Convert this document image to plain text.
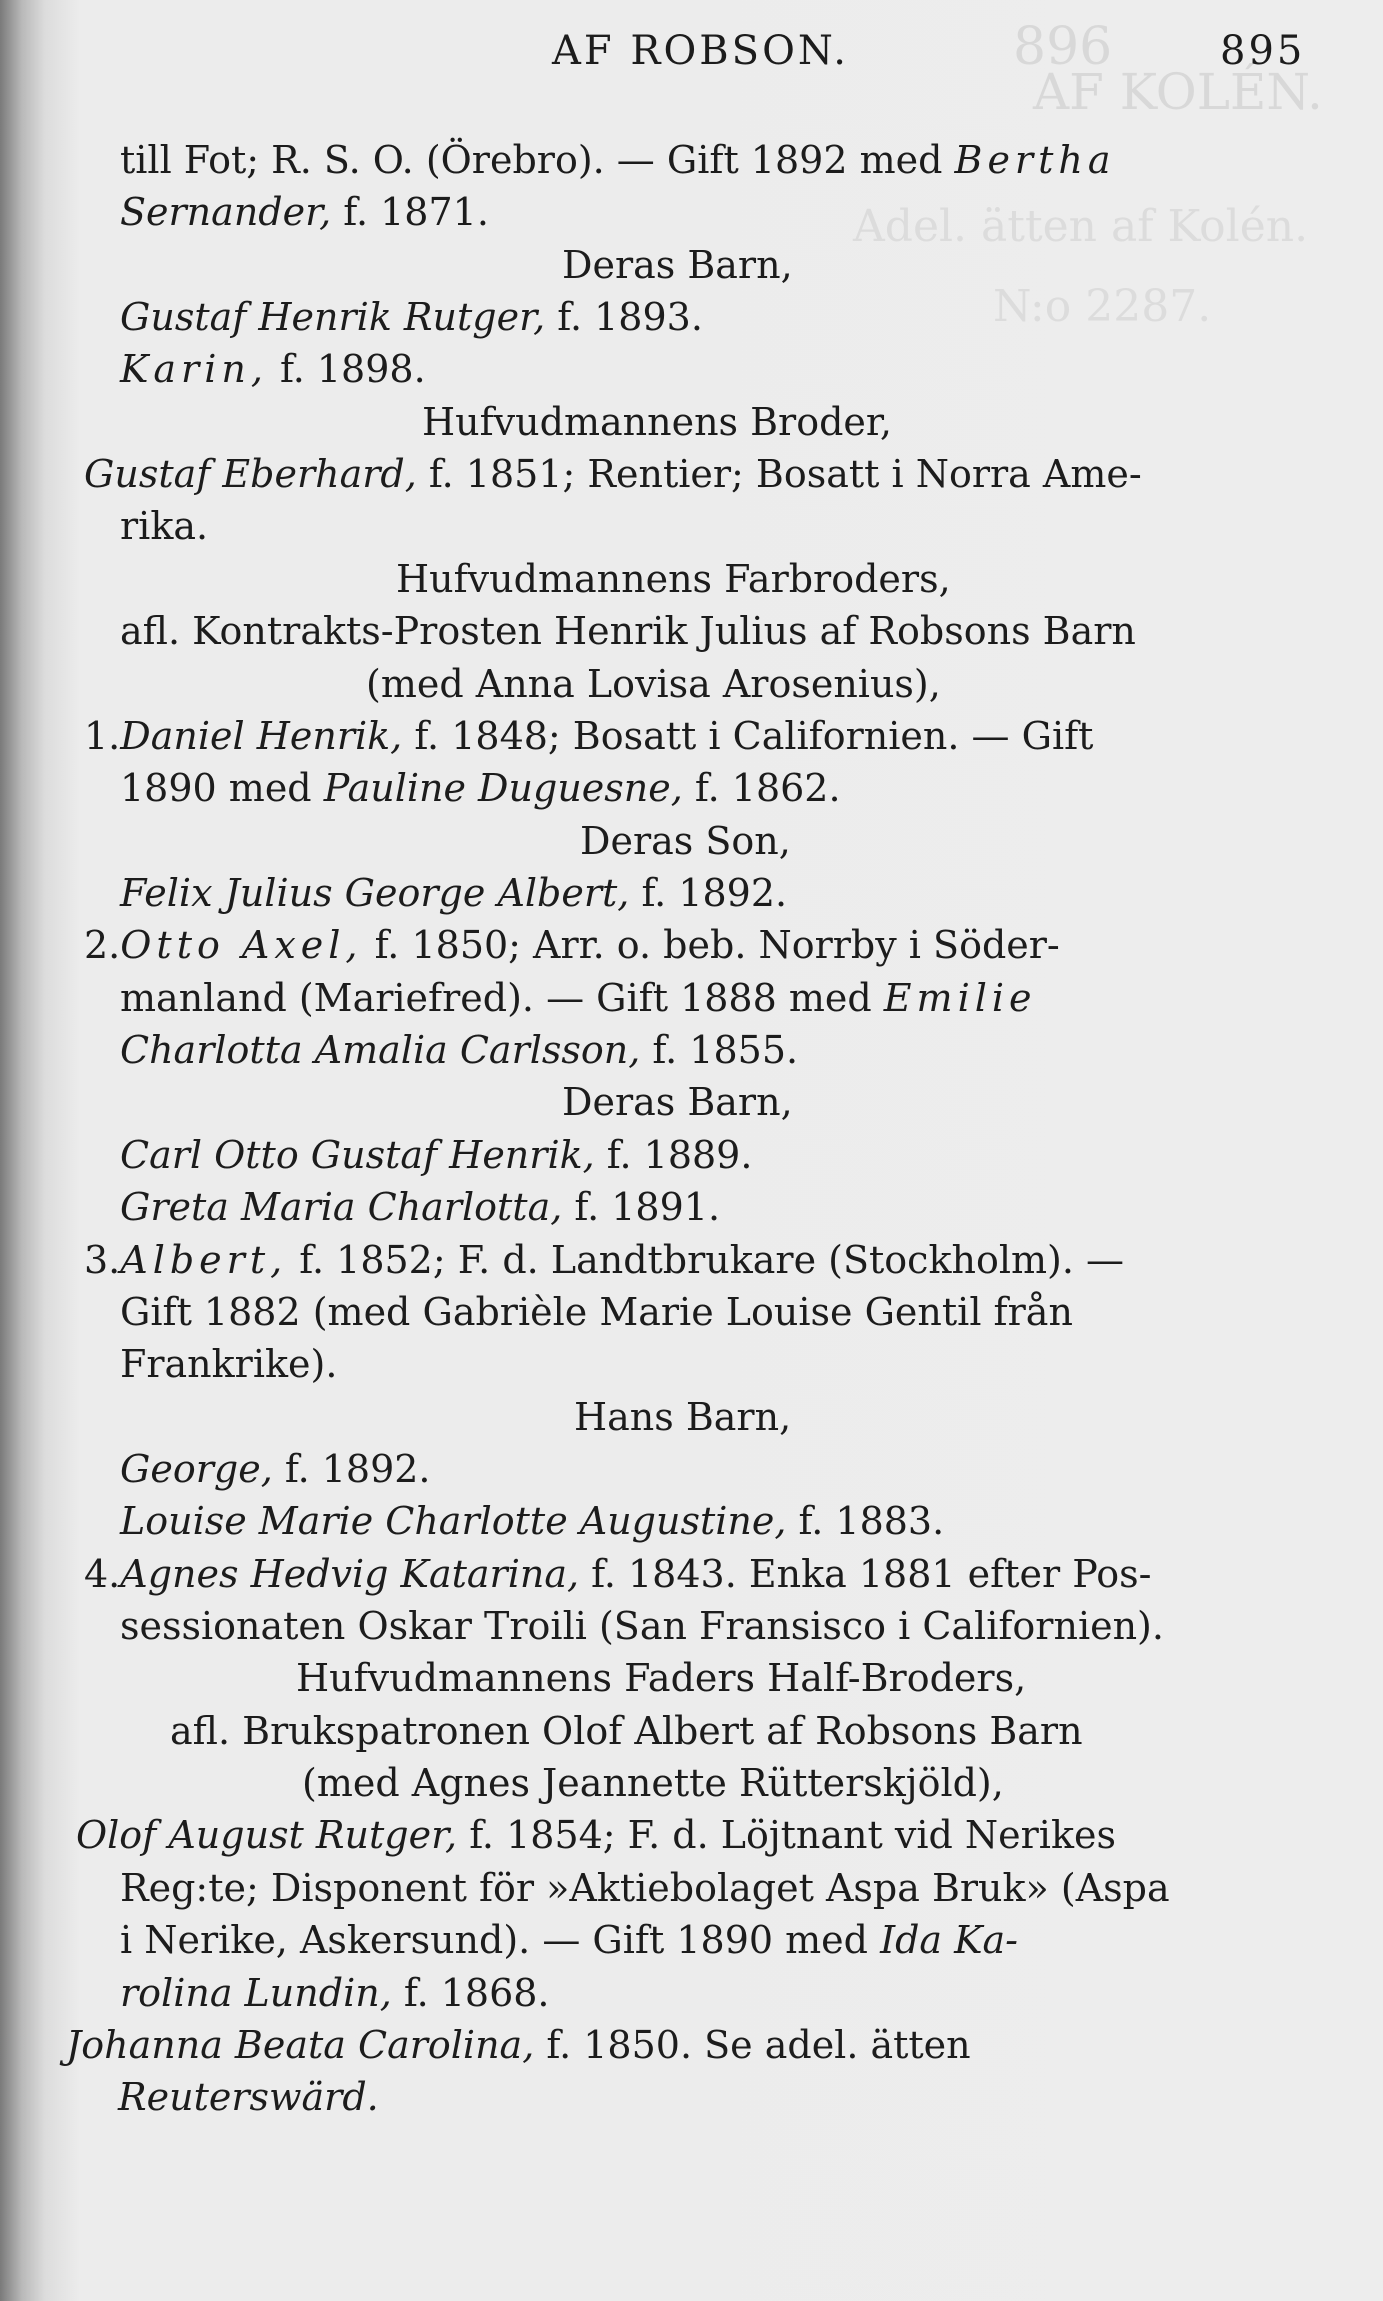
896
AF KOLÉN.
Adel. ätten af Kolén.
N:o 2287.
AF ROBSON.	895
till Fot; R. S. O. (Örebro). — Gift 1892 med Bertha
Sernander, f. 1871.
Deras Barn,
Gustaf Henrik Rutger, f. 1893.
Karin, f. 1898.
Hufvudmannens Broder,
Gustaf Eberhard, f. 1851; Rentier; Bosatt i Norra Ame-
rika.
Hufvudmannens Farbroders,
afl. Kontrakts-Prosten Henrik Julius af Robsons Barn
(med Anna Lovisa Arosenius),
1.Daniel Henrik, f. 1848; Bosatt i Californien. — Gift
1890 med Pauline Duguesne, f. 1862.
Deras Son,
Felix Julius George Albert, f. 1892.
2.Otto Axel, f. 1850; Arr. o. beb. Norrby i Söder-
manland (Mariefred). — Gift 1888 med Emilie
Charlotta Amalia Carlsson, f. 1855.
Deras Barn,
Carl Otto Gustaf Henrik, f. 1889.
Greta Maria Charlotta, f. 1891.
3.Albert, f. 1852; F. d. Landtbrukare (Stockholm). —
Gift 1882 (med Gabrièle Marie Louise Gentil från
Frankrike).
Hans Barn,
George, f. 1892.
Louise Marie Charlotte Augustine, f. 1883.
4.Agnes Hedvig Katarina, f. 1843. Enka 1881 efter Pos-
sessionaten Oskar Troili (San Fransisco i Californien).
Hufvudmannens Faders Half-Broders,
afl. Brukspatronen Olof Albert af Robsons Barn
(med Agnes Jeannette Rütterskjöld),
Olof August Rutger, f. 1854; F. d. Löjtnant vid Nerikes
Reg:te; Disponent för »Aktiebolaget Aspa Bruk» (Aspa
i Nerike, Askersund). — Gift 1890 med Ida Ka-
rolina Lundin, f. 1868.
Johanna Beata Carolina, f. 1850. Se adel. ätten
Reuterswärd.
